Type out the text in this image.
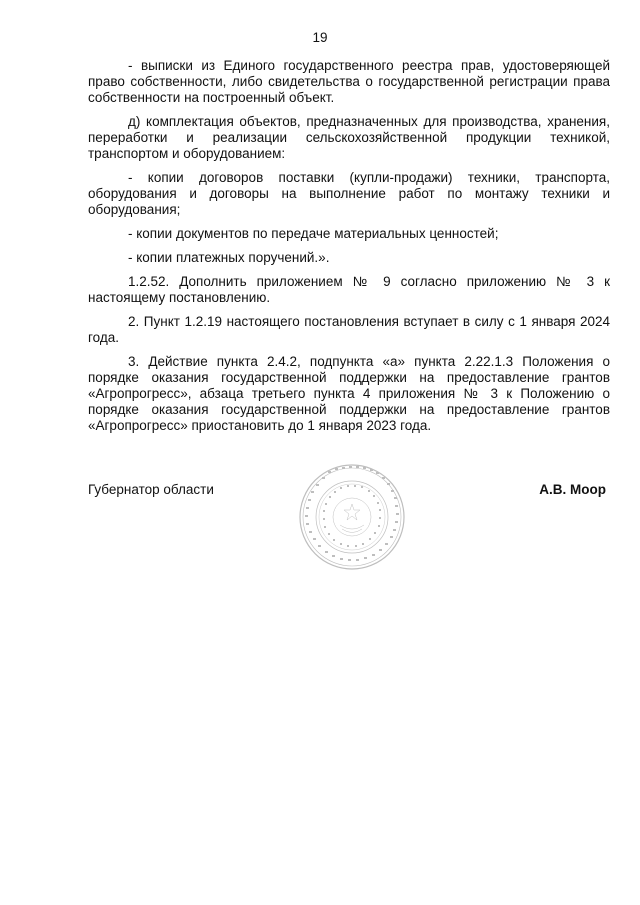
19

- выписки из Единого государственного реестра прав, удостоверяющей право собственности, либо свидетельства о государственной регистрации права собственности на построенный объект.

д) комплектация объектов, предназначенных для производства, хранения, переработки и реализации сельскохозяйственной продукции техникой, транспортом и оборудованием:

- копии договоров поставки (купли-продажи) техники, транспорта, оборудования и договоры на выполнение работ по монтажу техники и оборудования;

- копии документов по передаче материальных ценностей;

- копии платежных поручений.».

1.2.52. Дополнить приложением № 9 согласно приложению № 3 к настоящему постановлению.

2. Пункт 1.2.19 настоящего постановления вступает в силу с 1 января 2024 года.

3. Действие пункта 2.4.2, подпункта «а» пункта 2.22.1.3 Положения о порядке оказания государственной поддержки на предоставление грантов «Агропрогресс», абзаца третьего пункта 4 приложения № 3 к Положению о порядке оказания государственной поддержки на предоставление грантов «Агропрогресс» приостановить до 1 января 2023 года.

Губернатор области	А.В. Моор
